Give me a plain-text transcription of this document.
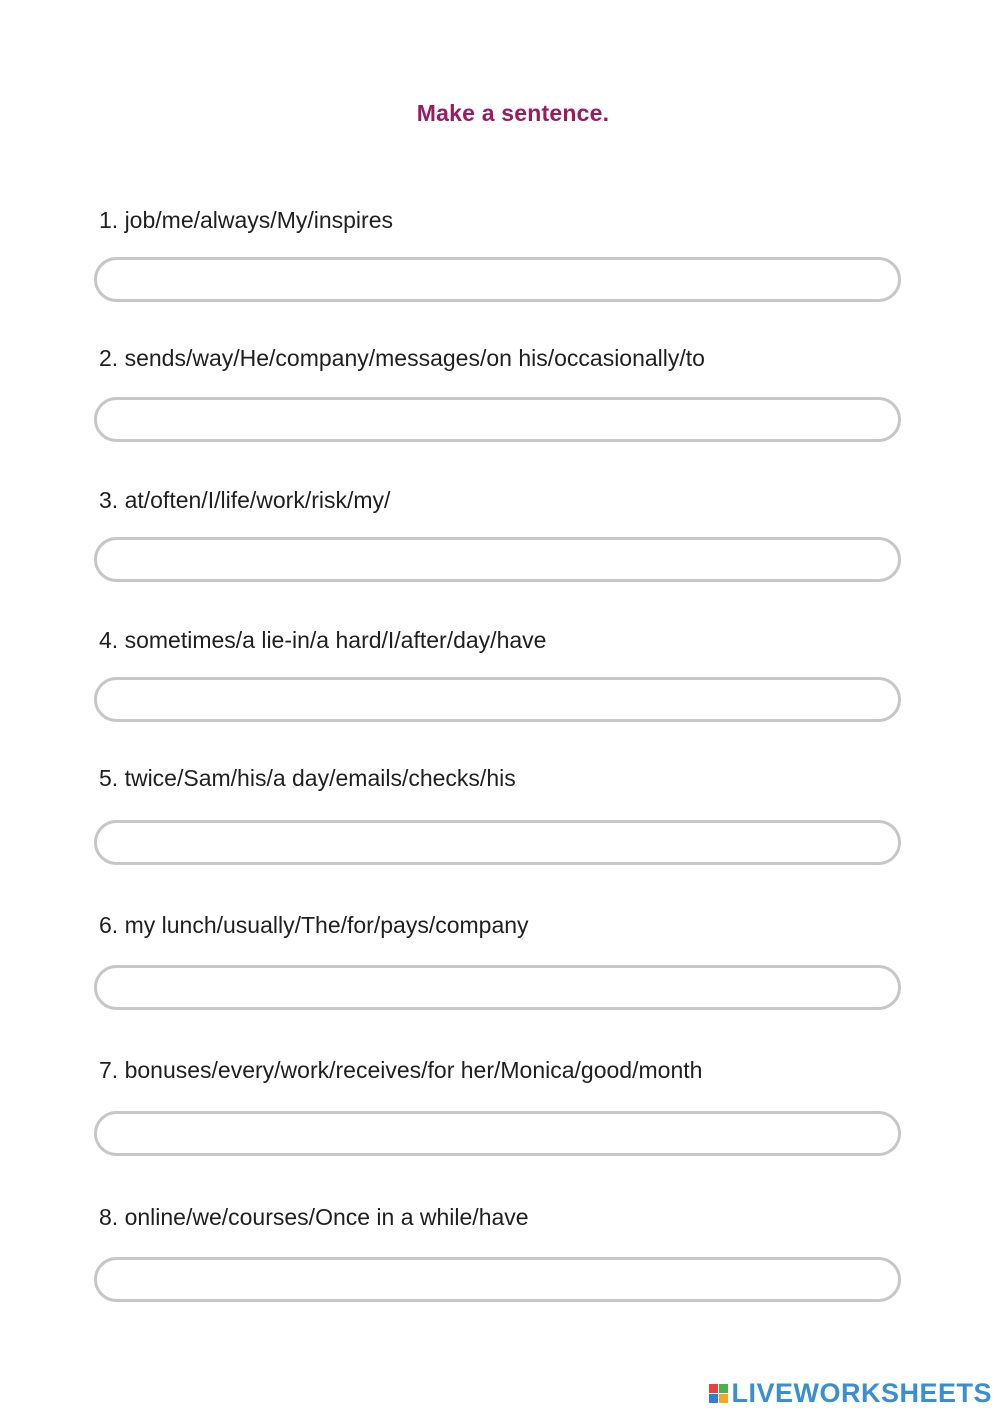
Make a sentence.
1. job/me/always/My/inspires
2. sends/way/He/company/messages/on his/occasionally/to
3. at/often/I/life/work/risk/my/
4. sometimes/a lie-in/a hard/I/after/day/have
5. twice/Sam/his/a day/emails/checks/his
6. my lunch/usually/The/for/pays/company
7. bonuses/every/work/receives/for her/Monica/good/month
8. online/we/courses/Once in a while/have
LIVEWORKSHEETS
